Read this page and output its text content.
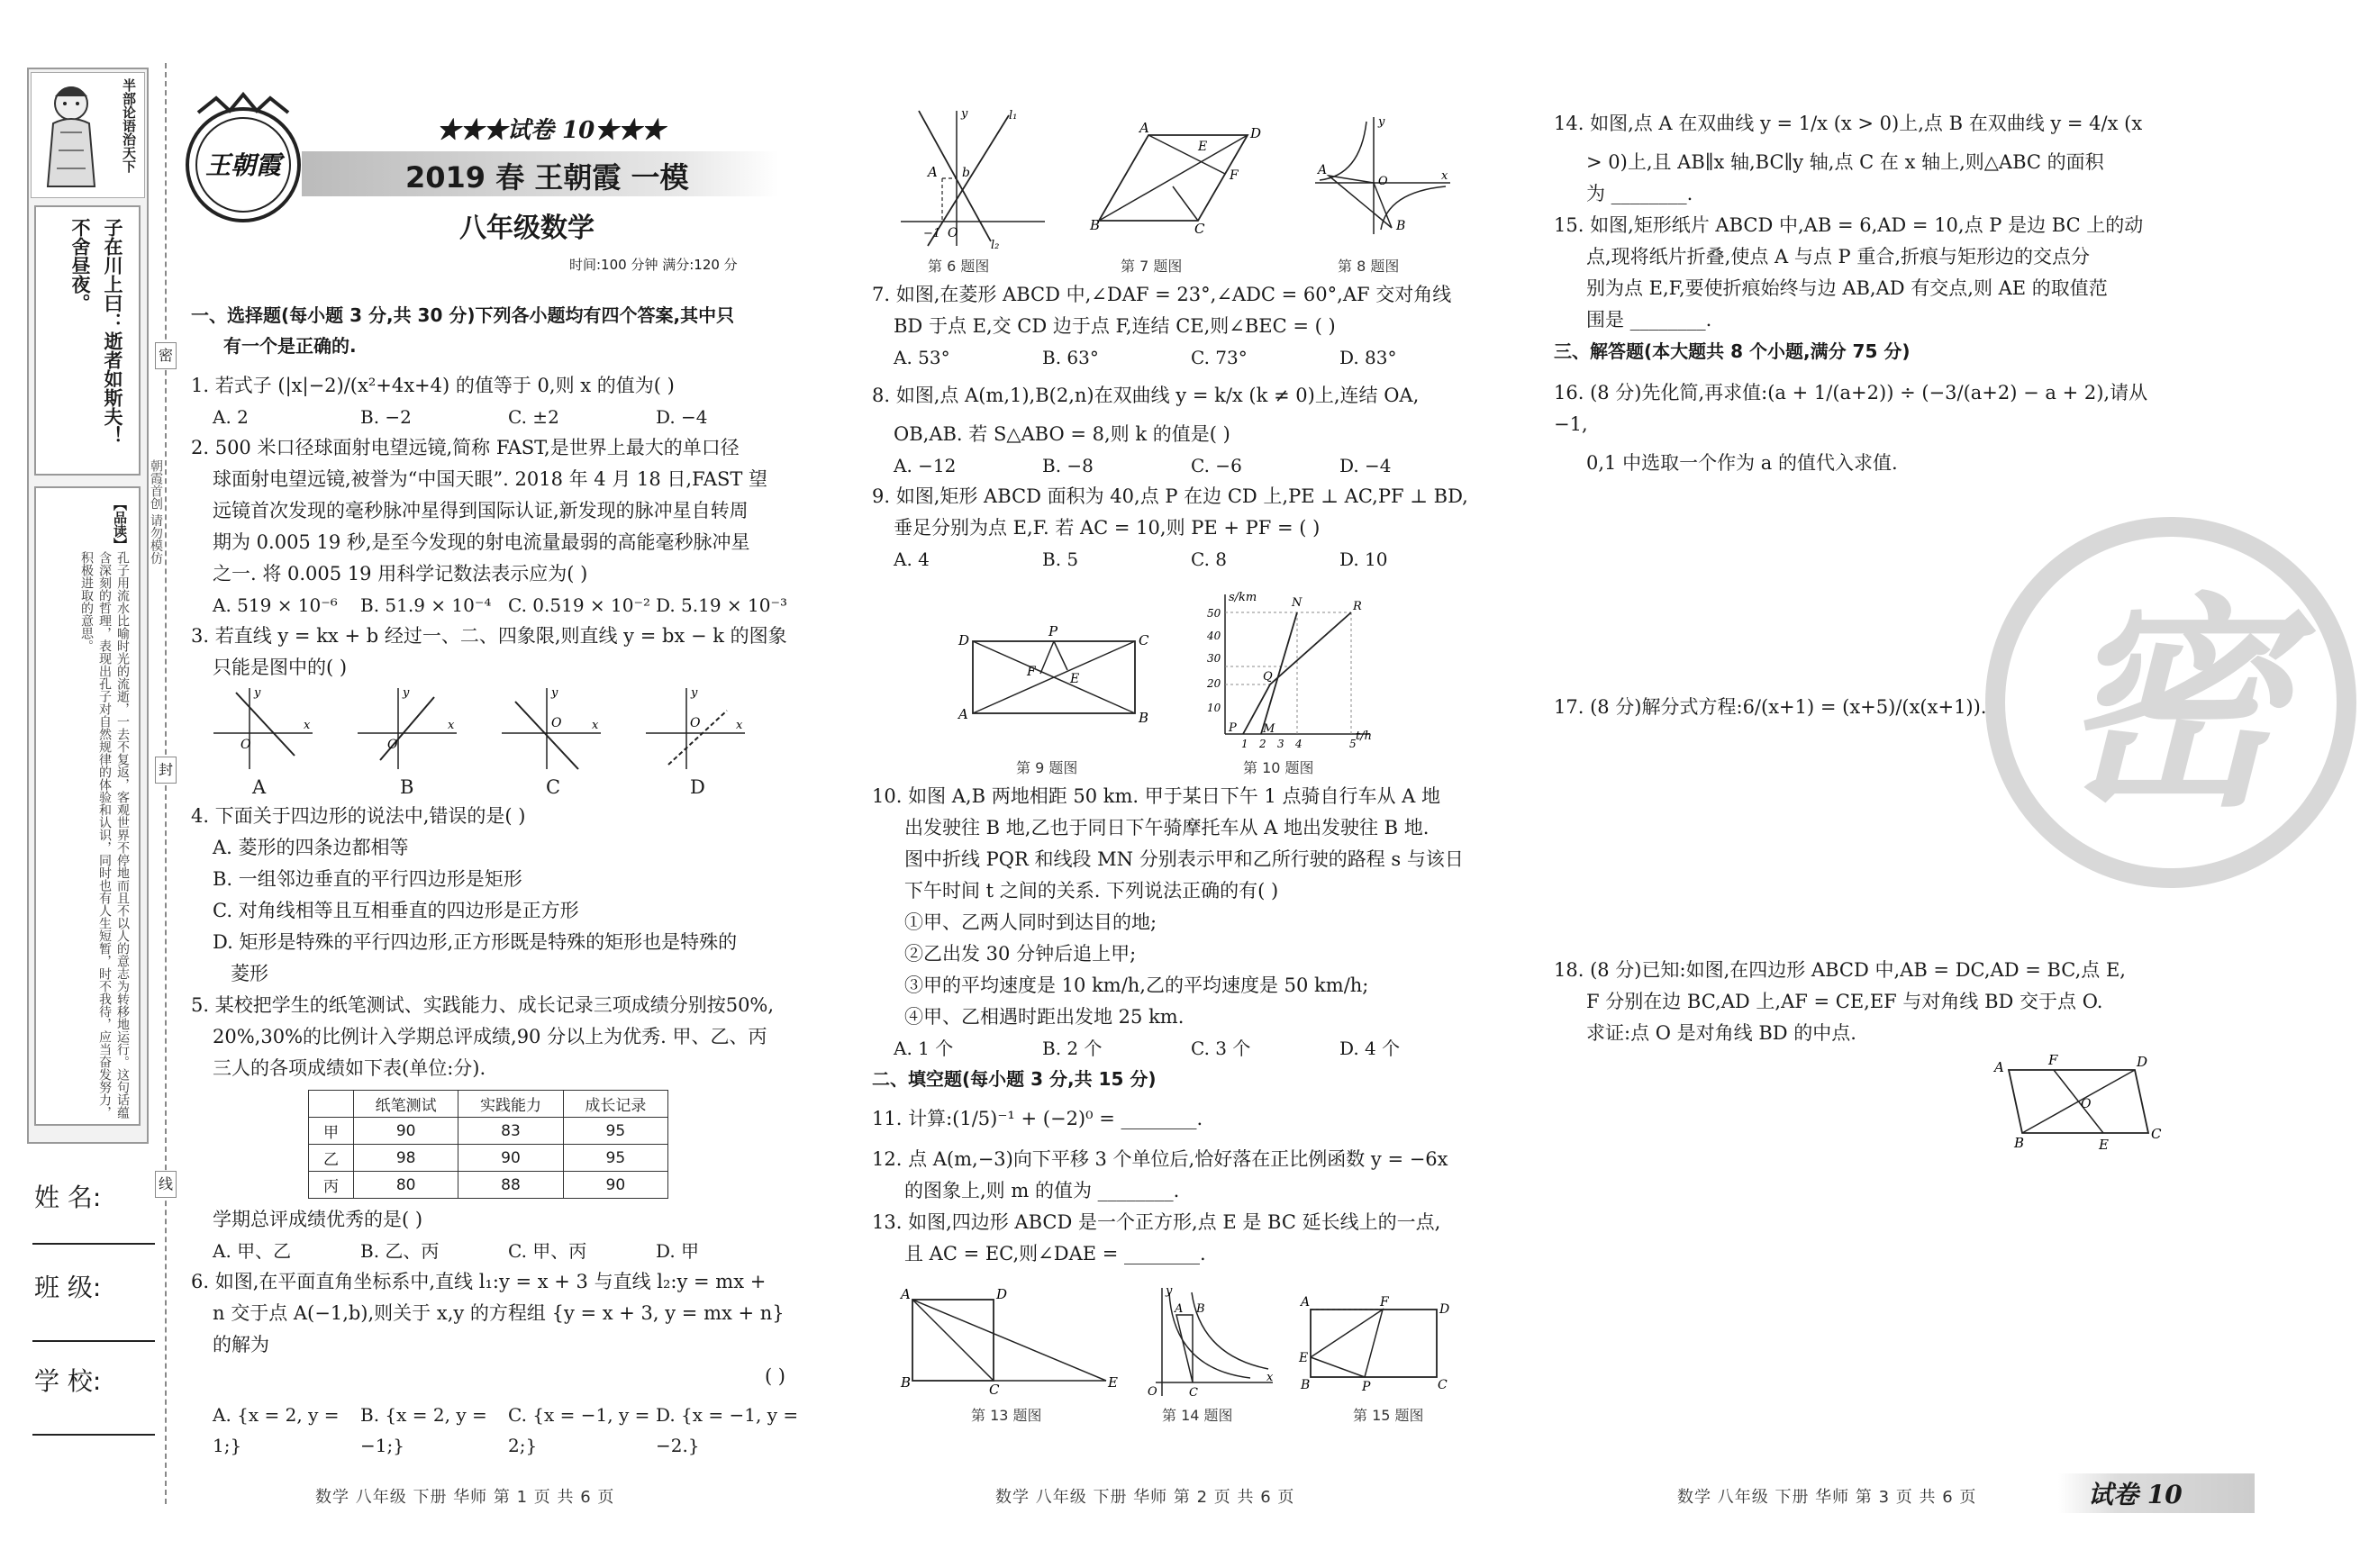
半部论语治天下
子在川上曰：逝者如斯夫！
不舍昼夜。
【品读】
孔子用流水比喻时光的流逝，一去不复返，客观世界不停地而且不以人的意志为转移地运行。这句话蕴含深刻的哲理，表现出孔子对自然规律的体验和认识，同时也有人生短暂，时不我待，应当奋发努力，积极进取的意思。
朝霞首创 请勿模仿
密
封
线
姓 名:
班 级:
学 校:
王朝霞
★★★试卷 10★★★
2019 春 王朝霞 一模
八年级数学
时间:100 分钟 满分:120 分
一、选择题(每小题 3 分,共 30 分)下列各小题均有四个答案,其中只
有一个是正确的.
1. 若式子 (|x|−2)/(x²+4x+4) 的值等于 0,则 x 的值为( )
A. 2	B. −2	C. ±2	D. −4
2. 500 米口径球面射电望远镜,简称 FAST,是世界上最大的单口径
球面射电望远镜,被誉为“中国天眼”. 2018 年 4 月 18 日,FAST 望
远镜首次发现的毫秒脉冲星得到国际认证,新发现的脉冲星自转周
期为 0.005 19 秒,是至今发现的射电流量最弱的高能毫秒脉冲星
之一. 将 0.005 19 用科学记数法表示应为( )
A. 519 × 10⁻⁶	B. 51.9 × 10⁻⁴ C. 0.519 × 10⁻² D. 5.19 × 10⁻³
3. 若直线 y = kx + b 经过一、二、四象限,则直线 y = bx − k 的图象
只能是图中的( )
O
y
x
O
y
x	O
y
x	O
y
x
A	B	C	D
4. 下面关于四边形的说法中,错误的是( )
A. 菱形的四条边都相等
B. 一组邻边垂直的平行四边形是矩形
C. 对角线相等且互相垂直的四边形是正方形
D. 矩形是特殊的平行四边形,正方形既是特殊的矩形也是特殊的
菱形
5. 某校把学生的纸笔测试、实践能力、成长记录三项成绩分别按50%,
20%,30%的比例计入学期总评成绩,90 分以上为优秀. 甲、乙、丙
三人的各项成绩如下表(单位:分).
	纸笔测试	实践能力	成长记录
甲	90	83	95
乙	98	90	95
丙	80	88	90
学期总评成绩优秀的是( )
A. 甲、乙	B. 乙、丙	C. 甲、丙	D. 甲
6. 如图,在平面直角坐标系中,直线 l₁:y = x + 3 与直线 l₂:y = mx +
n 交于点 A(−1,b),则关于 x,y 的方程组 {y = x + 3, y = mx + n} 的解为
( )
A. {x = 2, y = 1;}
B. {x = 2, y = −1;}
C. {x = −1, y = 2;}
D. {x = −1, y = −2.}
数学 八年级 下册 华师 第 1 页 共 6 页
A b
O
−1
y	l₁
l₂
第 6 题图
A	D
B	C
E
F
第 7 题图
A
O
B
y
x
第 8 题图
7. 如图,在菱形 ABCD 中,∠DAF = 23°,∠ADC = 60°,AF 交对角线
BD 于点 E,交 CD 边于点 F,连结 CE,则∠BEC = ( )
A. 53°	B. 63°	C. 73°	D. 83°
8. 如图,点 A(m,1),B(2,n)在双曲线 y = k/x (k ≠ 0)上,连结 OA,
OB,AB. 若 S△ABO = 8,则 k 的值是( )
A. −12	B. −8	C. −6	D. −4
9. 如图,矩形 ABCD 面积为 40,点 P 在边 CD 上,PE ⊥ AC,PF ⊥ BD,
垂足分别为点 E,F. 若 AC = 10,则 PE + PF = ( )
A. 4	B. 5	C. 8	D. 10
P
D	C
A	B
F	E
第 9 题图
s/km
t/h
50
40
30
20
10
1 2 3 4	5
P
Q
N	R
M
第 10 题图
10. 如图 A,B 两地相距 50 km. 甲于某日下午 1 点骑自行车从 A 地
出发驶往 B 地,乙也于同日下午骑摩托车从 A 地出发驶往 B 地.
图中折线 PQR 和线段 MN 分别表示甲和乙所行驶的路程 s 与该日
下午时间 t 之间的关系. 下列说法正确的有( )
①甲、乙两人同时到达目的地;
②乙出发 30 分钟后追上甲;
③甲的平均速度是 10 km/h,乙的平均速度是 50 km/h;
④甲、乙相遇时距出发地 25 km.
A. 1 个	B. 2 个	C. 3 个	D. 4 个
二、填空题(每小题 3 分,共 15 分)
11. 计算:(1/5)⁻¹ + (−2)⁰ = ________.
12. 点 A(m,−3)向下平移 3 个单位后,恰好落在正比例函数 y = −6x
的图象上,则 m 的值为 ________.
13. 如图,四边形 ABCD 是一个正方形,点 E 是 BC 延长线上的一点,
且 AC = EC,则∠DAE = ________.
A	D
B	C	E
第 13 题图
A B
O	C
y
x
第 14 题图
A	F	D
E
B	P	C
第 15 题图
数学 八年级 下册 华师 第 2 页 共 6 页
密
14. 如图,点 A 在双曲线 y = 1/x (x > 0)上,点 B 在双曲线 y = 4/x (x
> 0)上,且 AB∥x 轴,BC∥y 轴,点 C 在 x 轴上,则△ABC 的面积
为 ________.
15. 如图,矩形纸片 ABCD 中,AB = 6,AD = 10,点 P 是边 BC 上的动
点,现将纸片折叠,使点 A 与点 P 重合,折痕与矩形边的交点分
别为点 E,F,要使折痕始终与边 AB,AD 有交点,则 AE 的取值范
围是 ________.
三、解答题(本大题共 8 个小题,满分 75 分)
16. (8 分)先化简,再求值:(a + 1/(a+2)) ÷ (−3/(a+2) − a + 2),请从−1,
0,1 中选取一个作为 a 的值代入求值.
17. (8 分)解分式方程:6/(x+1) = (x+5)/(x(x+1)).
18. (8 分)已知:如图,在四边形 ABCD 中,AB = DC,AD = BC,点 E,
F 分别在边 BC,AD 上,AF = CE,EF 与对角线 BD 交于点 O.
求证:点 O 是对角线 BD 的中点.
A	F	D
B	E
C
O
数学 八年级 下册 华师 第 3 页 共 6 页	试卷 10
